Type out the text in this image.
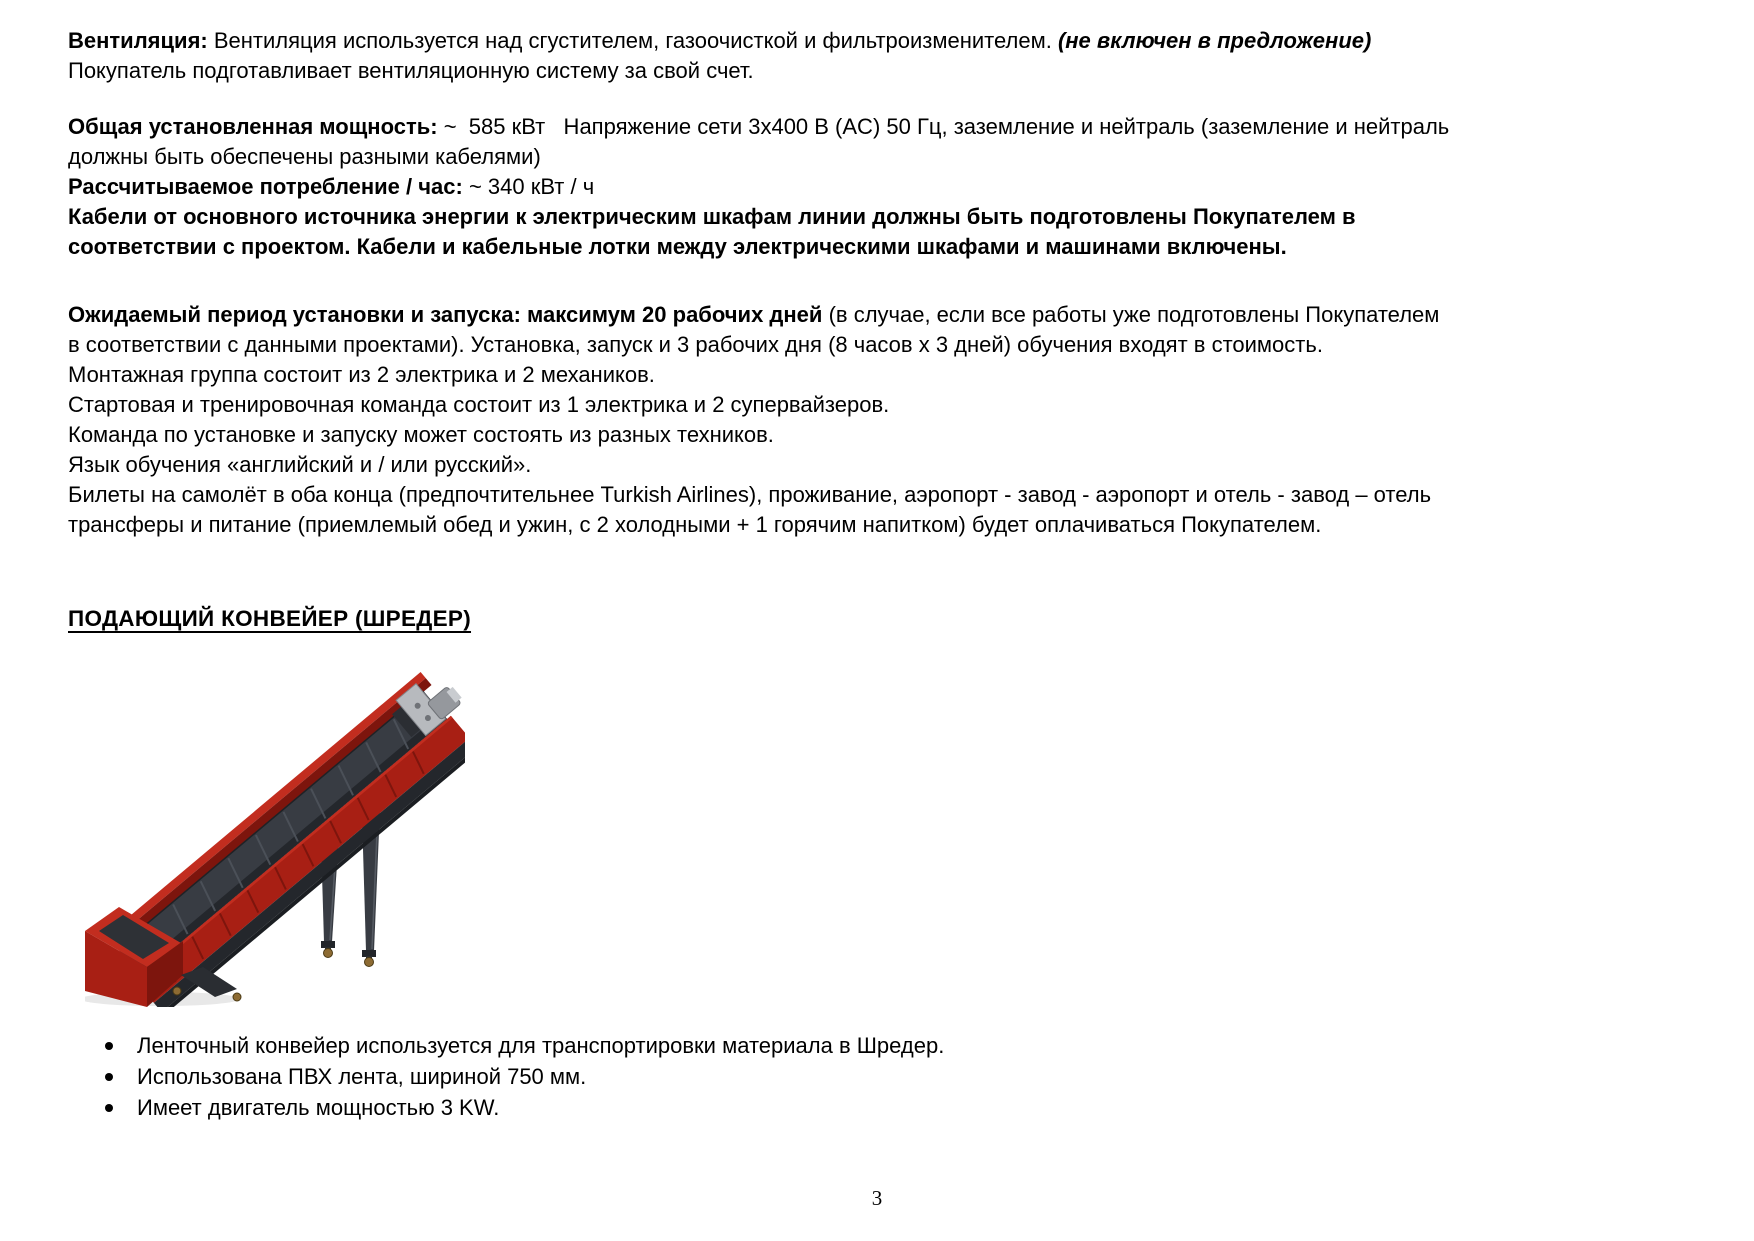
Вентиляция: Вентиляция используется над сгустителем, газоочисткой и фильтроизменителем. (не включен в предложение)
Покупатель подготавливает вентиляционную систему за свой счет.
Общая установленная мощность: ~  585 кВт   Напряжение сети 3x400 В (AC) 50 Гц, заземление и нейтраль (заземление и нейтраль
должны быть обеспечены разными кабелями)
Рассчитываемое потребление / час: ~ 340 кВт / ч
Кабели от основного источника энергии к электрическим шкафам линии должны быть подготовлены Покупателем в
соответствии с проектом. Кабели и кабельные лотки между электрическими шкафами и машинами включены.
Ожидаемый период установки и запуска: максимум 20 рабочих дней (в случае, если все работы уже подготовлены Покупателем
в соответствии с данными проектами). Установка, запуск и 3 рабочих дня (8 часов x 3 дней) обучения входят в стоимость.
Монтажная группа состоит из 2 электрика и 2 механиков.
Стартовая и тренировочная команда состоит из 1 электрика и 2 супервайзеров.
Команда по установке и запуску может состоять из разных техников.
Язык обучения «английский и / или русский».
Билеты на самолёт в оба конца (предпочтительнее Turkish Airlines), проживание, аэропорт - завод - аэропорт и отель - завод – отель
трансферы и питание (приемлемый обед и ужин, с 2 холодными + 1 горячим напитком) будет оплачиваться Покупателем.
ПОДАЮЩИЙ КОНВЕЙЕР (ШРЕДЕР)
Ленточный конвейер используется для транспортировки материала в Шредер.
Использована ПВХ лента, шириной 750 мм.
Имеет двигатель мощностью 3 KW.
3
